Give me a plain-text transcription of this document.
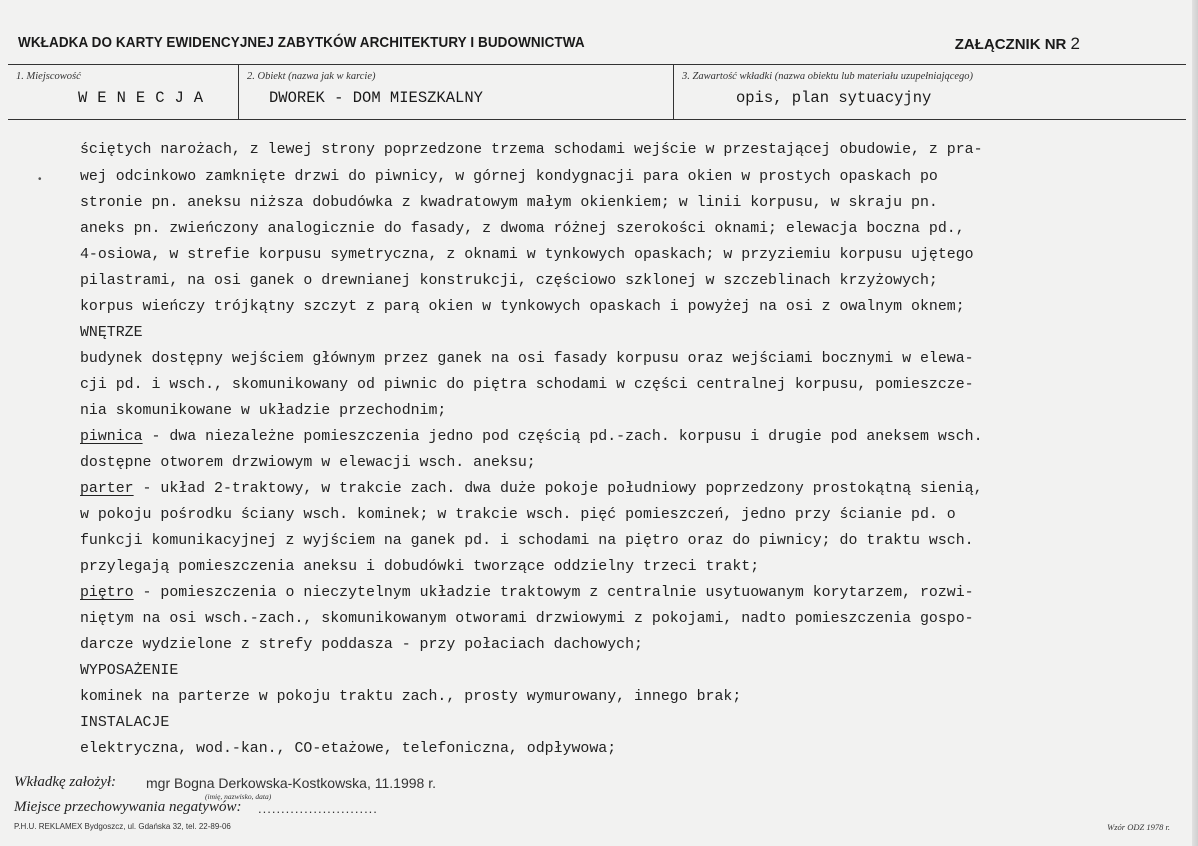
WKŁADKA DO KARTY EWIDENCYJNEJ ZABYTKÓW ARCHITEKTURY I BUDOWNICTWA	ZAŁĄCZNIK NR 2
1. Miejscowość
WENECJA
2. Obiekt (nazwa jak w karcie)
DWOREK - DOM MIESZKALNY
3. Zawartość wkładki (nazwa obiektu lub materiału uzupełniającego)
opis, plan sytuacyjny
•
ściętych narożach, z lewej strony poprzedzone trzema schodami wejście w przestającej obudowie, z pra-
wej odcinkowo zamknięte drzwi do piwnicy, w górnej kondygnacji para okien w prostych opaskach po
stronie pn. aneksu niższa dobudówka z kwadratowym małym okienkiem; w linii korpusu, w skraju pn.
aneks pn. zwieńczony analogicznie do fasady, z dwoma różnej szerokości oknami; elewacja boczna pd.,
4-osiowa, w strefie korpusu symetryczna, z oknami w tynkowych opaskach; w przyziemiu korpusu ujętego
pilastrami, na osi ganek o drewnianej konstrukcji, częściowo szklonej w szczeblinach krzyżowych;
korpus wieńczy trójkątny szczyt z parą okien w tynkowych opaskach i powyżej na osi z owalnym oknem;
WNĘTRZE
budynek dostępny wejściem głównym przez ganek na osi fasady korpusu oraz wejściami bocznymi w elewa-
cji pd. i wsch., skomunikowany od piwnic do piętra schodami w części centralnej korpusu, pomieszcze-
nia skomunikowane w układzie przechodnim;
piwnica - dwa niezależne pomieszczenia jedno pod częścią pd.-zach. korpusu i drugie pod aneksem wsch.
dostępne otworem drzwiowym w elewacji wsch. aneksu;
parter - układ 2-traktowy, w trakcie zach. dwa duże pokoje południowy poprzedzony prostokątną sienią,
w pokoju pośrodku ściany wsch. kominek; w trakcie wsch. pięć pomieszczeń, jedno przy ścianie pd. o
funkcji komunikacyjnej z wyjściem na ganek pd. i schodami na piętro oraz do piwnicy; do traktu wsch.
przylegają pomieszczenia aneksu i dobudówki tworzące oddzielny trzeci trakt;
piętro - pomieszczenia o nieczytelnym układzie traktowym z centralnie usytuowanym korytarzem, rozwi-
niętym na osi wsch.-zach., skomunikowanym otworami drzwiowymi z pokojami, nadto pomieszczenia gospo-
darcze wydzielone z strefy poddasza - przy połaciach dachowych;
WYPOSAŻENIE
kominek na parterze w pokoju traktu zach., prosty wymurowany, innego brak;
INSTALACJE
elektryczna, wod.-kan., CO-etażowe, telefoniczna, odpływowa;
Wkładkę założył: mgr Bogna Derkowska-Kostkowska, 11.1998 r.
(imię, nazwisko, data)
Miejsce przechowywania negatywów: ..........................
P.H.U. REKLAMEX Bydgoszcz, ul. Gdańska 32, tel. 22-89-06	Wzór ODZ 1978 r.
